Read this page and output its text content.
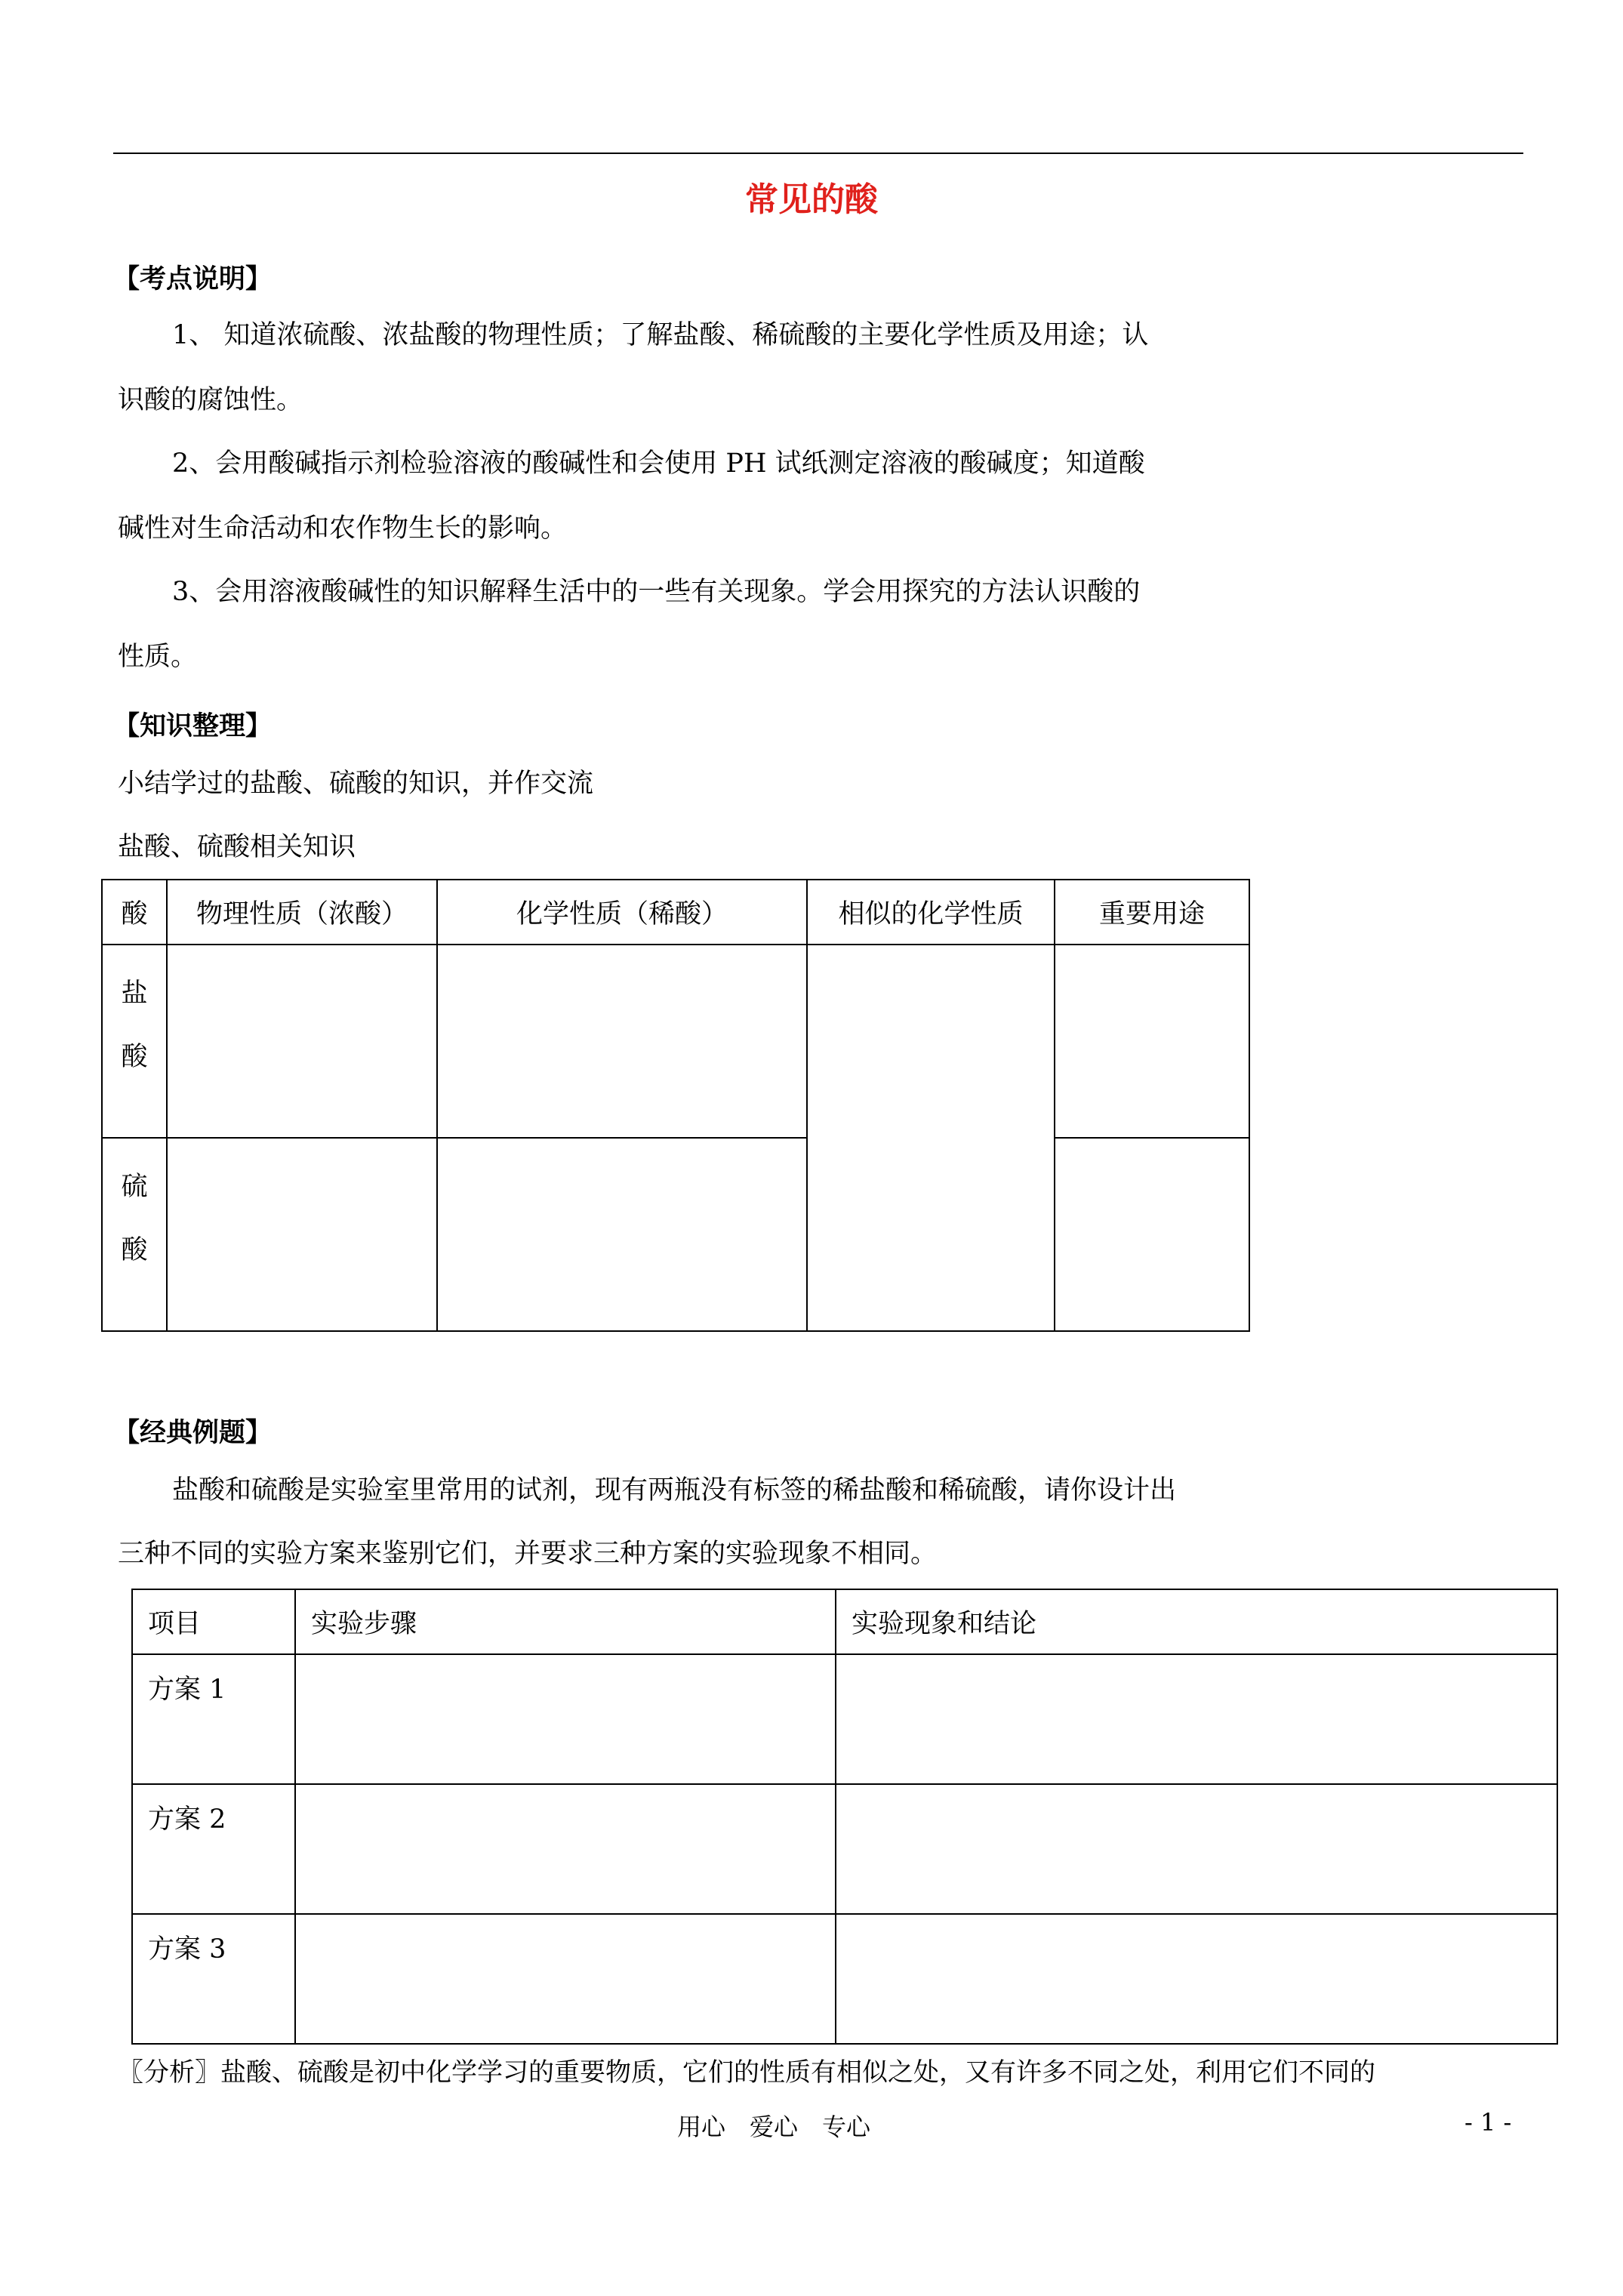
常见的酸
【考点说明】
1、 知道浓硫酸、浓盐酸的物理性质；了解盐酸、稀硫酸的主要化学性质及用途；认
识酸的腐蚀性。
2、会用酸碱指示剂检验溶液的酸碱性和会使用 PH 试纸测定溶液的酸碱度；知道酸
碱性对生命活动和农作物生长的影响。
3、会用溶液酸碱性的知识解释生活中的一些有关现象。学会用探究的方法认识酸的
性质。
【知识整理】
小结学过的盐酸、硫酸的知识，并作交流
盐酸、硫酸相关知识
酸	物理性质（浓酸）	化学性质（稀酸）	相似的化学性质	重要用途

盐
酸				

硫
酸				

【经典例题】
盐酸和硫酸是实验室里常用的试剂，现有两瓶没有标签的稀盐酸和稀硫酸，请你设计出
三种不同的实验方案来鉴别它们，并要求三种方案的实验现象不相同。
项目	实验步骤	实验现象和结论
方案 1		
方案 2		
方案 3		
〖分析〗盐酸、硫酸是初中化学学习的重要物质，它们的性质有相似之处，又有许多不同之处，利用它们不同的
用心　爱心　专心	- 1 -
